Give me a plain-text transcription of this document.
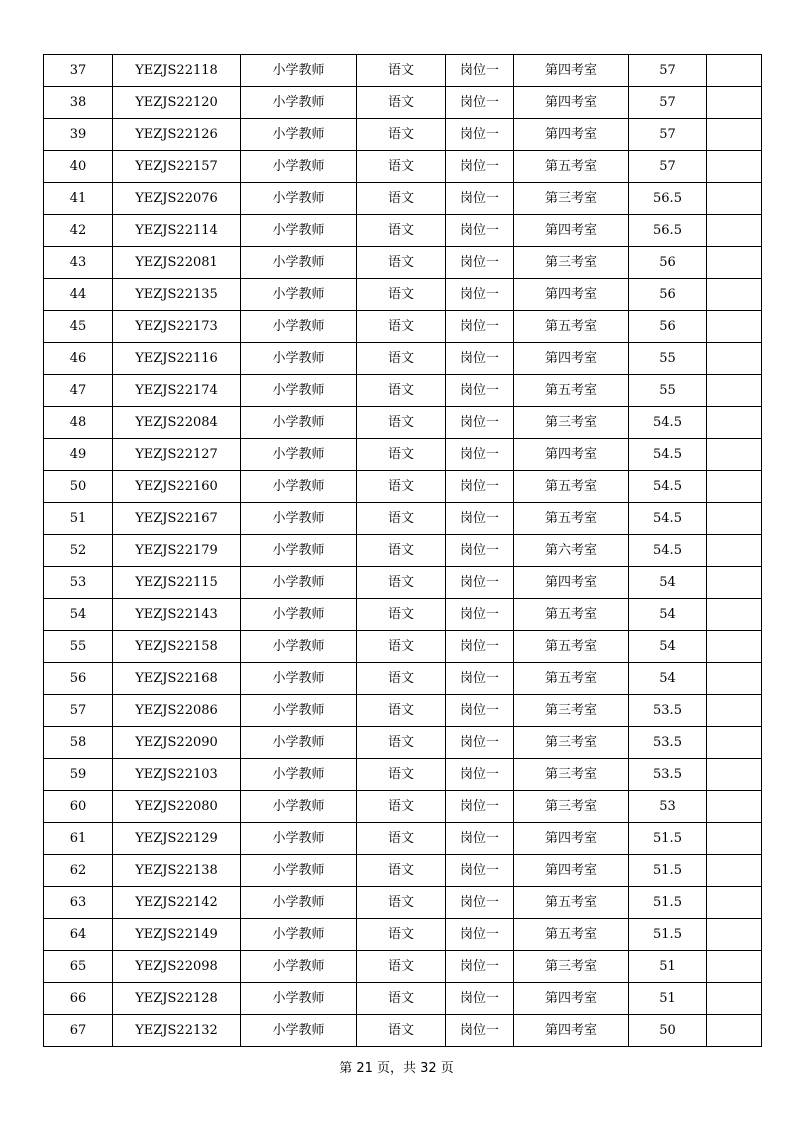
37	YEZJS22118	小学教师	语文	岗位一	第四考室	57	
38	YEZJS22120	小学教师	语文	岗位一	第四考室	57	
39	YEZJS22126	小学教师	语文	岗位一	第四考室	57	
40	YEZJS22157	小学教师	语文	岗位一	第五考室	57	
41	YEZJS22076	小学教师	语文	岗位一	第三考室	56.5	
42	YEZJS22114	小学教师	语文	岗位一	第四考室	56.5	
43	YEZJS22081	小学教师	语文	岗位一	第三考室	56	
44	YEZJS22135	小学教师	语文	岗位一	第四考室	56	
45	YEZJS22173	小学教师	语文	岗位一	第五考室	56	
46	YEZJS22116	小学教师	语文	岗位一	第四考室	55	
47	YEZJS22174	小学教师	语文	岗位一	第五考室	55	
48	YEZJS22084	小学教师	语文	岗位一	第三考室	54.5	
49	YEZJS22127	小学教师	语文	岗位一	第四考室	54.5	
50	YEZJS22160	小学教师	语文	岗位一	第五考室	54.5	
51	YEZJS22167	小学教师	语文	岗位一	第五考室	54.5	
52	YEZJS22179	小学教师	语文	岗位一	第六考室	54.5	
53	YEZJS22115	小学教师	语文	岗位一	第四考室	54	
54	YEZJS22143	小学教师	语文	岗位一	第五考室	54	
55	YEZJS22158	小学教师	语文	岗位一	第五考室	54	
56	YEZJS22168	小学教师	语文	岗位一	第五考室	54	
57	YEZJS22086	小学教师	语文	岗位一	第三考室	53.5	
58	YEZJS22090	小学教师	语文	岗位一	第三考室	53.5	
59	YEZJS22103	小学教师	语文	岗位一	第三考室	53.5	
60	YEZJS22080	小学教师	语文	岗位一	第三考室	53	
61	YEZJS22129	小学教师	语文	岗位一	第四考室	51.5	
62	YEZJS22138	小学教师	语文	岗位一	第四考室	51.5	
63	YEZJS22142	小学教师	语文	岗位一	第五考室	51.5	
64	YEZJS22149	小学教师	语文	岗位一	第五考室	51.5	
65	YEZJS22098	小学教师	语文	岗位一	第三考室	51	
66	YEZJS22128	小学教师	语文	岗位一	第四考室	51	
67	YEZJS22132	小学教师	语文	岗位一	第四考室	50	
第 21 页，共 32 页
